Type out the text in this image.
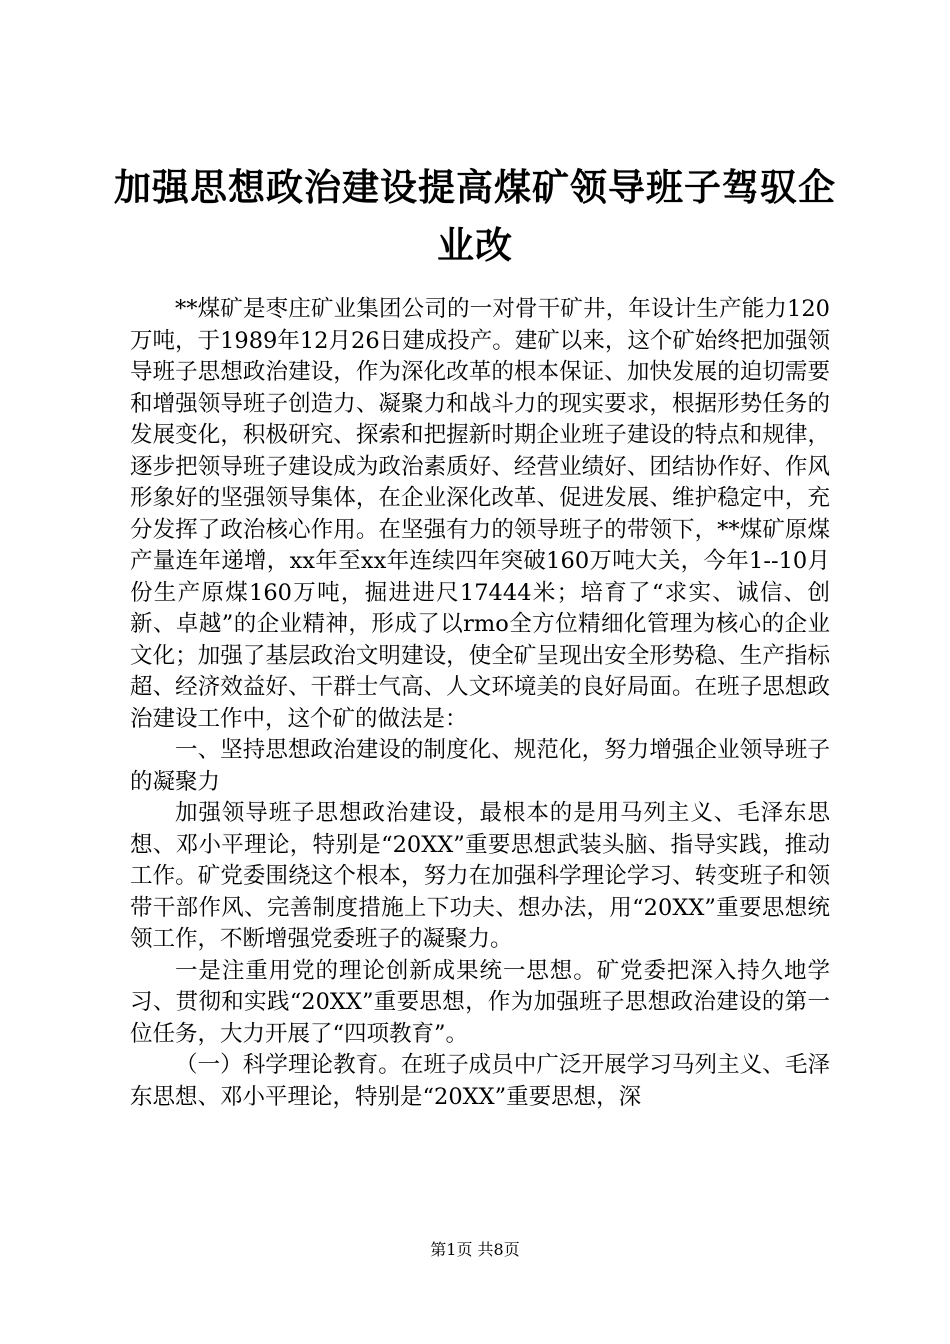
加强思想政治建设提高煤矿领导班子驾驭企业改

**煤矿是枣庄矿业集团公司的一对骨干矿井，年设计生产能力120万吨，于1989年12月26日建成投产。建矿以来，这个矿始终把加强领导班子思想政治建设，作为深化改革的根本保证、加快发展的迫切需要和增强领导班子创造力、凝聚力和战斗力的现实要求，根据形势任务的发展变化，积极研究、探索和把握新时期企业班子建设的特点和规律，逐步把领导班子建设成为政治素质好、经营业绩好、团结协作好、作风形象好的坚强领导集体，在企业深化改革、促进发展、维护稳定中，充分发挥了政治核心作用。在坚强有力的领导班子的带领下，**煤矿原煤产量连年递增，xx年至xx年连续四年突破160万吨大关，今年1--10月份生产原煤160万吨，掘进进尺17444米；培育了“求实、诚信、创新、卓越”的企业精神，形成了以rmo全方位精细化管理为核心的企业文化；加强了基层政治文明建设，使全矿呈现出安全形势稳、生产指标超、经济效益好、干群士气高、人文环境美的良好局面。在班子思想政治建设工作中，这个矿的做法是：

一、坚持思想政治建设的制度化、规范化，努力增强企业领导班子的凝聚力

加强领导班子思想政治建设，最根本的是用马列主义、毛泽东思想、邓小平理论，特别是“20XX”重要思想武装头脑、指导实践，推动工作。矿党委围绕这个根本，努力在加强科学理论学习、转变班子和领带干部作风、完善制度措施上下功夫、想办法，用“20XX”重要思想统领工作，不断增强党委班子的凝聚力。

一是注重用党的理论创新成果统一思想。矿党委把深入持久地学习、贯彻和实践“20XX”重要思想，作为加强班子思想政治建设的第一位任务，大力开展了“四项教育”。

（一）科学理论教育。在班子成员中广泛开展学习马列主义、毛泽东思想、邓小平理论，特别是“20XX”重要思想，深

第1页 共8页
